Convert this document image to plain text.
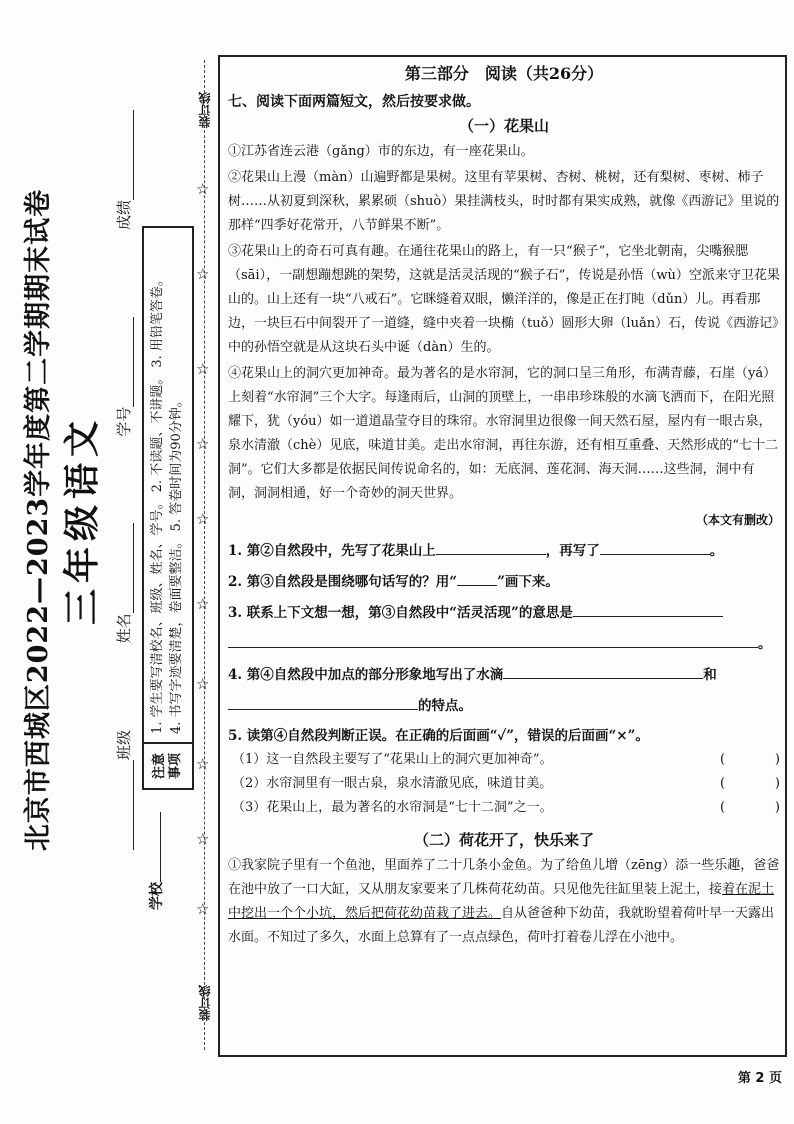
北京市西城区2022—2023学年度第二学期期末试卷 三年级语文
班级
姓名
学号
成绩
学校
注意 事项
1. 学生要写清校名、班级、姓名、学号。 2. 不读题、不讲题。 3. 用铅笔答卷。 4. 书写字迹要清楚，卷面要整洁。 5. 答卷时间为90分钟。
装订线
装订线
☆
☆
☆
☆
☆
☆
☆
☆
☆
☆
第三部分　阅读（共26分）
七、阅读下面两篇短文，然后按要求做。
（一）花果山
①江苏省连云港（gǎng）市的东边，有一座花果山。
②花果山上漫（màn）山遍野都是果树。这里有苹果树、杏树、桃树，还有梨树、枣树、柿子树……从初夏到深秋，累累硕（shuò）果挂满枝头，时时都有果实成熟，就像《西游记》里说的那样“四季好花常开，八节鲜果不断”。
③花果山上的奇石可真有趣。在通往花果山的路上，有一只“猴子”，它坐北朝南，尖嘴猴腮（sāi），一副想蹦想跳的架势，这就是活灵活现的“猴子石”，传说是孙悟（wù）空派来守卫花果山的。山上还有一块“八戒石”。它眯缝着双眼，懒洋洋的，像是正在打盹（dǔn）儿。再看那边，一块巨石中间裂开了一道缝，缝中夹着一块椭（tuǒ）圆形大卵（luǎn）石，传说《西游记》中的孙悟空就是从这块石头中诞（dàn）生的。
④花果山上的洞穴更加神奇。最为著名的是水帘洞，它的洞口呈三角形，布满青藤，石崖（yá）上刻着“水帘洞”三个大字。每逢雨后，山洞的顶壁上，一串串珍珠般的水滴飞洒而下，在阳光照耀下，犹（yóu）如一道道晶莹夺目的珠帘。水帘洞里边很像一间天然石屋，屋内有一眼古泉，泉水清澈（chè）见底，味道甘美。走出水帘洞，再往东游，还有相互重叠、天然形成的“七十二洞”。它们大多都是依据民间传说命名的，如：无底洞、莲花洞、海天洞……这些洞，洞中有洞，洞洞相通，好一个奇妙的洞天世界。
（本文有删改）
1. 第②自然段中，先写了花果山上	，再写了	。
2. 第③自然段是围绕哪句话写的？用“	”画下来。
3. 联系上下文想一想，第③自然段中“活灵活现”的意思是
。
4. 第④自然段中加点的部分形象地写出了水滴	和
的特点。
5. 读第④自然段判断正误。在正确的后面画“✓”，错误的后面画“×”。
（1）这一自然段主要写了“花果山上的洞穴更加神奇”。	(	)
（2）水帘洞里有一眼古泉，泉水清澈见底，味道甘美。	(	)
（3）花果山上，最为著名的水帘洞是“七十二洞”之一。	(	)
（二）荷花开了，快乐来了
①我家院子里有一个鱼池，里面养了二十几条小金鱼。为了给鱼儿增（zēng）添一些乐趣，爸爸在池中放了一口大缸，又从朋友家要来了几株荷花幼苗。只见他先往缸里装上泥土，接着在泥土中挖出一个个小坑，然后把荷花幼苗栽了进去。自从爸爸种下幼苗，我就盼望着荷叶早一天露出水面。不知过了多久，水面上总算有了一点点绿色，荷叶打着卷儿浮在小池中。
第 2 页
